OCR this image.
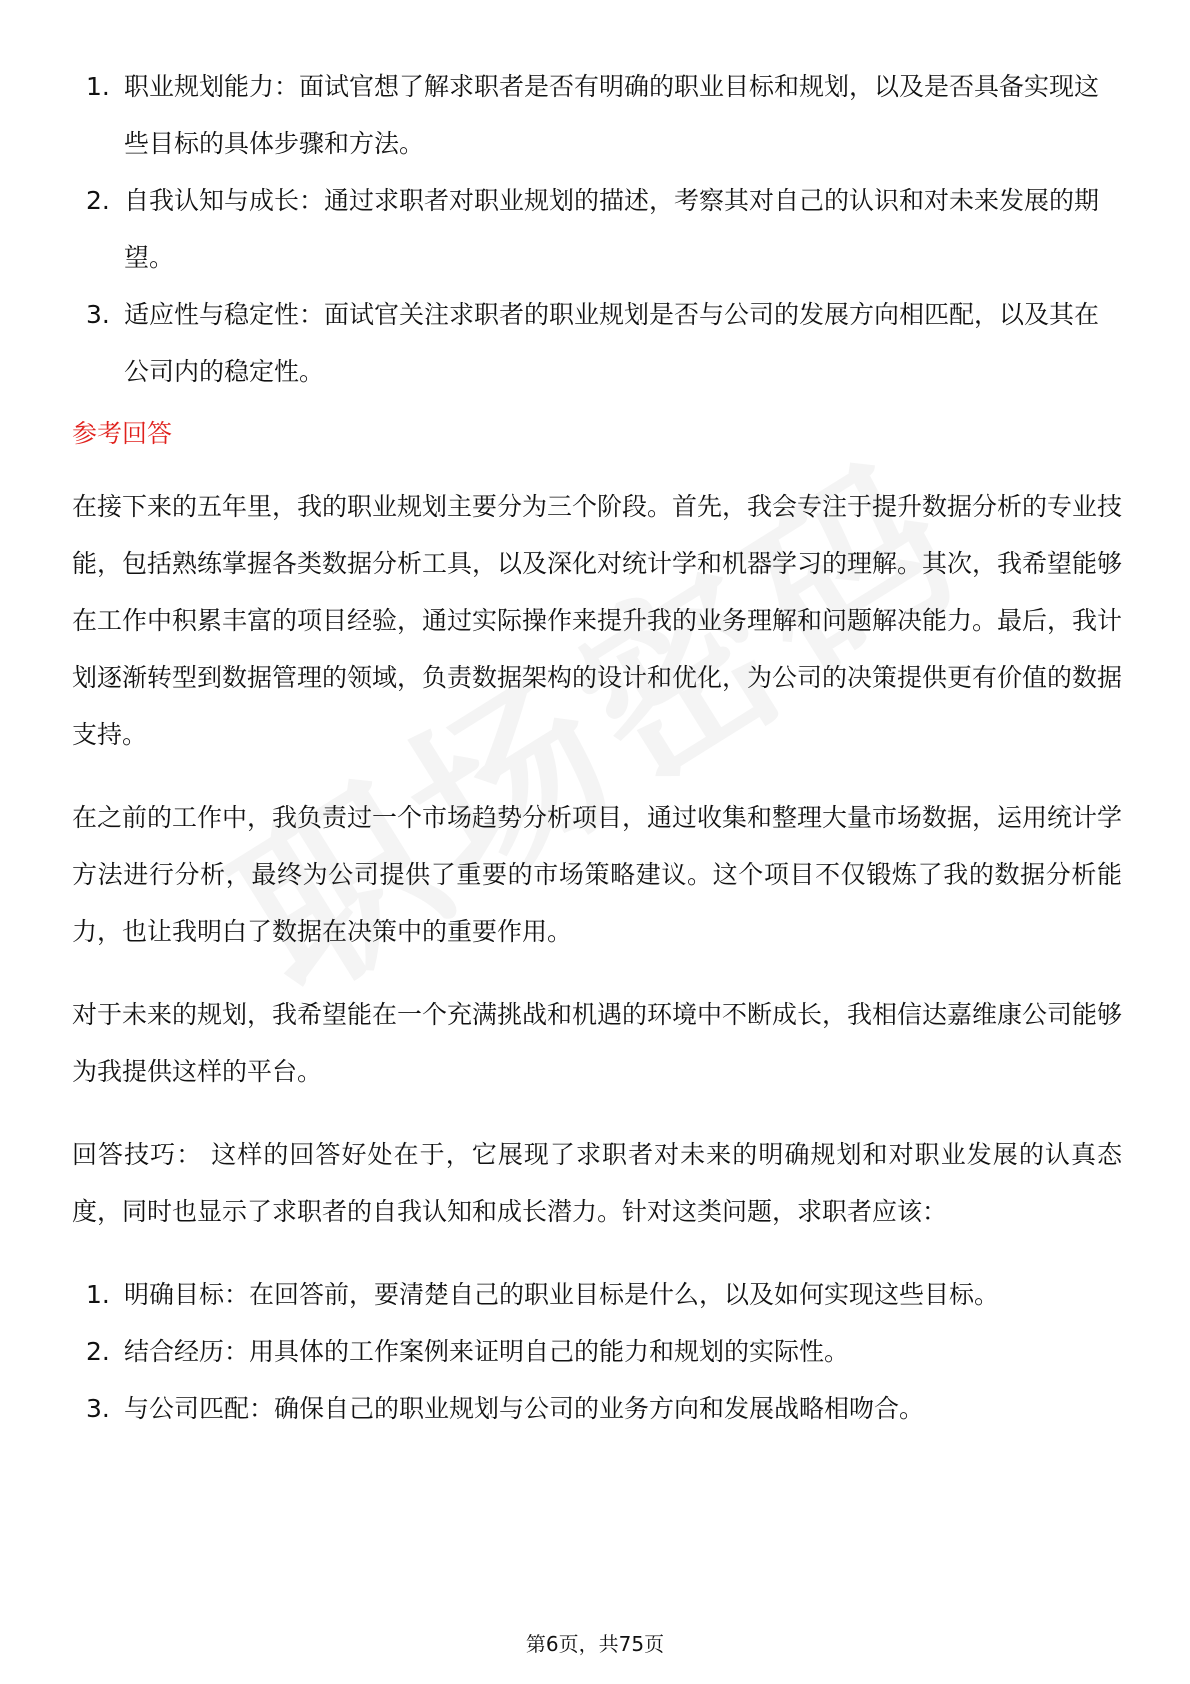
1. 职业规划能力：面试官想了解求职者是否有明确的职业目标和规划，以及是否具备实现这些目标的具体步骤和方法。
2. 自我认知与成长：通过求职者对职业规划的描述，考察其对自己的认识和对未来发展的期望。
3. 适应性与稳定性：面试官关注求职者的职业规划是否与公司的发展方向相匹配，以及其在公司内的稳定性。
参考回答

在接下来的五年里，我的职业规划主要分为三个阶段。首先，我会专注于提升数据分析的专业技能，包括熟练掌握各类数据分析工具，以及深化对统计学和机器学习的理解。其次，我希望能够在工作中积累丰富的项目经验，通过实际操作来提升我的业务理解和问题解决能力。最后，我计划逐渐转型到数据管理的领域，负责数据架构的设计和优化，为公司的决策提供更有价值的数据支持。

在之前的工作中，我负责过一个市场趋势分析项目，通过收集和整理大量市场数据，运用统计学方法进行分析，最终为公司提供了重要的市场策略建议。这个项目不仅锻炼了我的数据分析能力，也让我明白了数据在决策中的重要作用。

对于未来的规划，我希望能在一个充满挑战和机遇的环境中不断成长，我相信达嘉维康公司能够为我提供这样的平台。

回答技巧： 这样的回答好处在于，它展现了求职者对未来的明确规划和对职业发展的认真态度，同时也显示了求职者的自我认知和成长潜力。针对这类问题，求职者应该：

1. 明确目标：在回答前，要清楚自己的职业目标是什么，以及如何实现这些目标。
2. 结合经历：用具体的工作案例来证明自己的能力和规划的实际性。
3. 与公司匹配：确保自己的职业规划与公司的业务方向和发展战略相吻合。
第6页，共75页
